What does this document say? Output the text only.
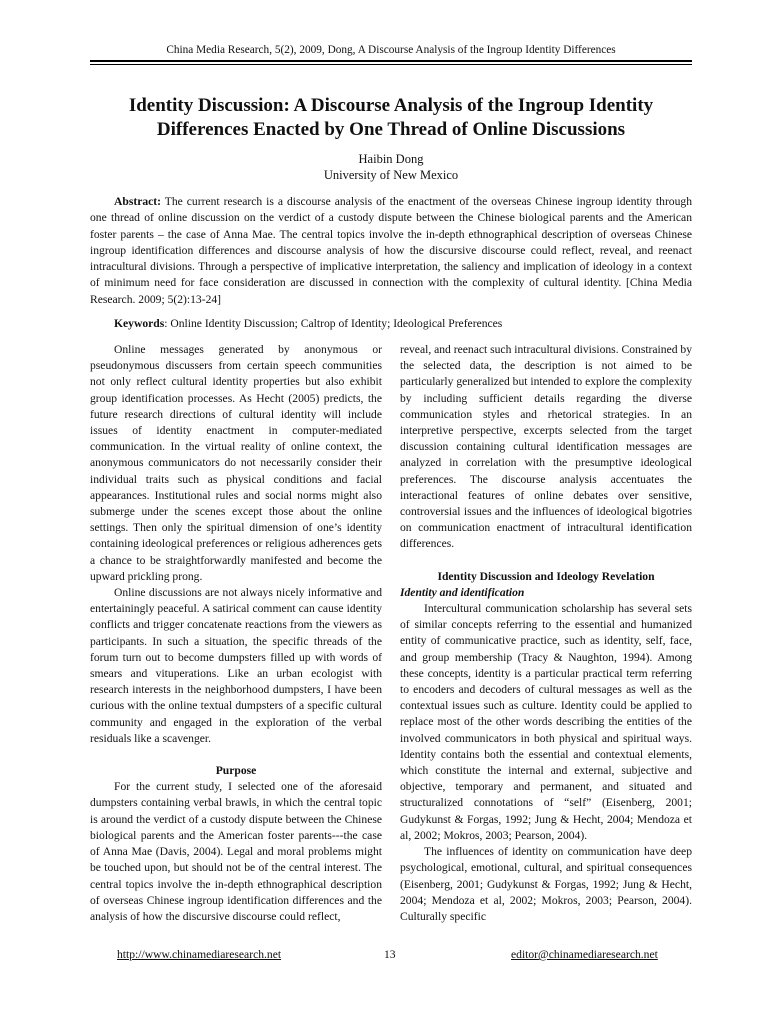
China Media Research, 5(2), 2009, Dong, A Discourse Analysis of the Ingroup Identity Differences
Identity Discussion: A Discourse Analysis of the Ingroup Identity
Differences Enacted by One Thread of Online Discussions
Haibin Dong
University of New Mexico

Abstract: The current research is a discourse analysis of the enactment of the overseas Chinese ingroup identity through one thread of online discussion on the verdict of a custody dispute between the Chinese biological parents and the American foster parents – the case of Anna Mae. The central topics involve the in-depth ethnographical description of overseas Chinese ingroup identification differences and discourse analysis of how the discursive discourse could reflect, reveal, and reenact intracultural divisions. Through a perspective of implicative interpretation, the saliency and implication of ideology in a context of minimum need for face consideration are discussed in connection with the complexity of cultural identity. [China Media Research. 2009; 5(2):13-24]

Keywords: Online Identity Discussion; Caltrop of Identity; Ideological Preferences

Online messages generated by anonymous or pseudonymous discussers from certain speech communities not only reflect cultural identity properties but also exhibit group identification processes. As Hecht (2005) predicts, the future research directions of cultural identity will include issues of identity enactment in computer-mediated communication. In the virtual reality of online context, the anonymous communicators do not necessarily consider their individual traits such as physical conditions and facial appearances. Institutional rules and social norms might also submerge under the scenes except those about the online settings. Then only the spiritual dimension of one’s identity containing ideological preferences or religious adherences gets a chance to be straightforwardly manifested and become the upward prickling prong.

Online discussions are not always nicely informative and entertainingly peaceful. A satirical comment can cause identity conflicts and trigger concatenate reactions from the viewers as participants. In such a situation, the specific threads of the forum turn out to become dumpsters filled up with words of smears and vituperations. Like an urban ecologist with research interests in the neighborhood dumpsters, I have been curious with the online textual dumpsters of a specific cultural community and engaged in the exploration of the verbal residuals like a scavenger.

Purpose

For the current study, I selected one of the aforesaid dumpsters containing verbal brawls, in which the central topic is around the verdict of a custody dispute between the Chinese biological parents and the American foster parents---the case of Anna Mae (Davis, 2004). Legal and moral problems might be touched upon, but should not be of the central interest. The central topics involve the in-depth ethnographical description of overseas Chinese ingroup identification differences and the analysis of how the discursive discourse could reflect,

reveal, and reenact such intracultural divisions. Constrained by the selected data, the description is not aimed to be particularly generalized but intended to explore the complexity by including sufficient details regarding the diverse communication styles and rhetorical strategies. In an interpretive perspective, excerpts selected from the target discussion containing cultural identification messages are analyzed in correlation with the presumptive ideological preferences. The discourse analysis accentuates the interactional features of online debates over sensitive, controversial issues and the influences of ideological bigotries on communication enactment of intracultural identification differences.

Identity Discussion and Ideology Revelation

Identity and identification

Intercultural communication scholarship has several sets of similar concepts referring to the essential and humanized entity of communicative practice, such as identity, self, face, and group membership (Tracy & Naughton, 1994). Among these concepts, identity is a particular practical term referring to encoders and decoders of cultural messages as well as the contextual issues such as culture. Identity could be applied to replace most of the other words describing the entities of the involved communicators in both physical and spiritual ways. Identity contains both the essential and contextual elements, which constitute the internal and external, subjective and objective, temporary and permanent, and situated and structuralized connotations of “self” (Eisenberg, 2001; Gudykunst & Forgas, 1992; Jung & Hecht, 2004; Mendoza et al, 2002; Mokros, 2003; Pearson, 2004).

The influences of identity on communication have deep psychological, emotional, cultural, and spiritual consequences (Eisenberg, 2001; Gudykunst & Forgas, 1992; Jung & Hecht, 2004; Mendoza et al, 2002; Mokros, 2003; Pearson, 2004). Culturally specific

http://www.chinamediaresearch.net	13	editor@chinamediaresearch.net
